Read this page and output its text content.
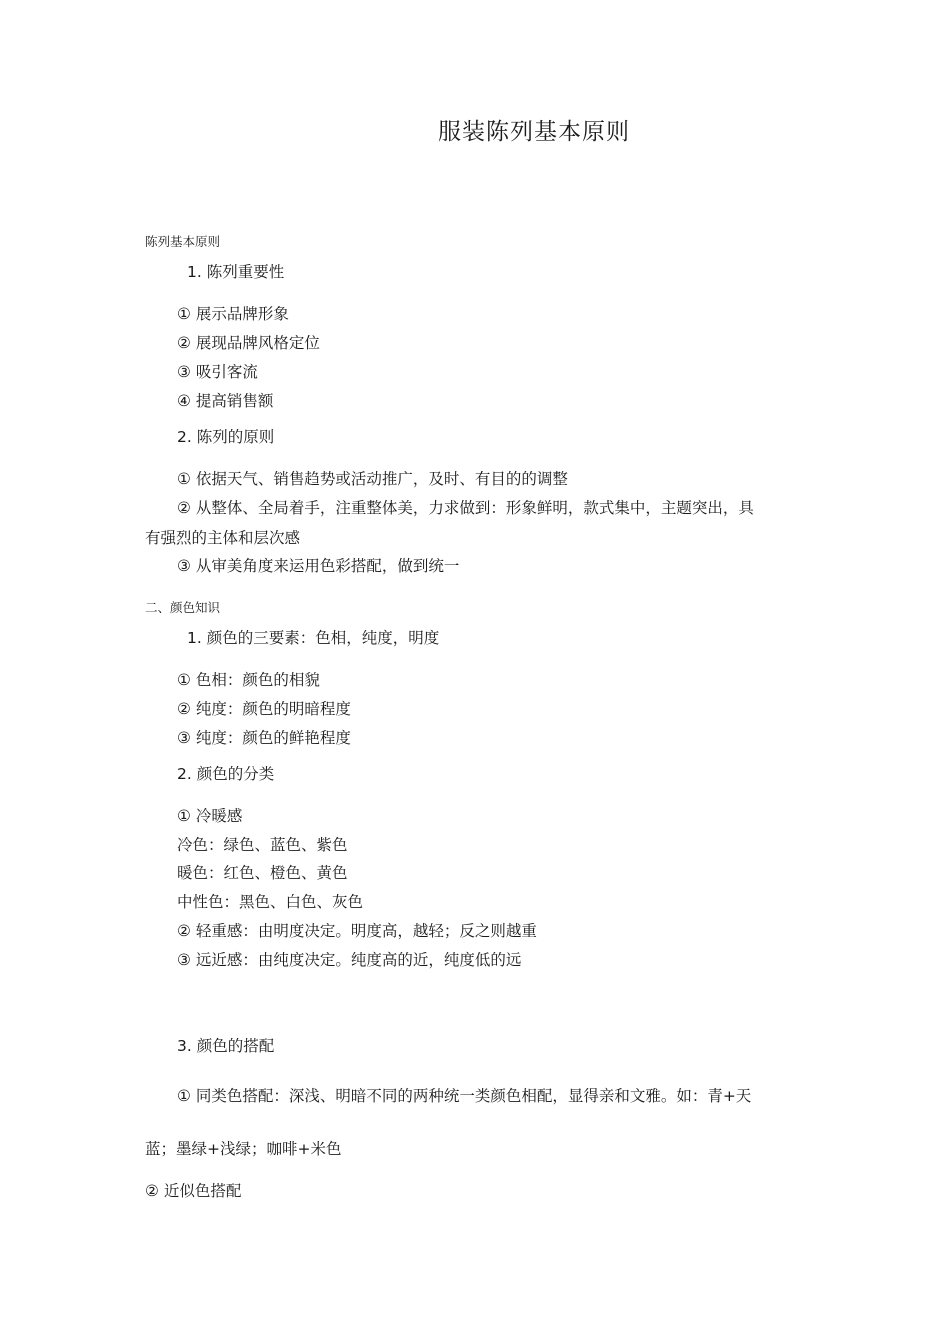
服装陈列基本原则
陈列基本原则
1. 陈列重要性
① 展示品牌形象
② 展现品牌风格定位
③ 吸引客流
④ 提高销售额
2. 陈列的原则
① 依据天气、销售趋势或活动推广，及时、有目的的调整
② 从整体、全局着手，注重整体美，力求做到：形象鲜明，款式集中，主题突出，具
有强烈的主体和层次感
③ 从审美角度来运用色彩搭配，做到统一
二、颜色知识
1. 颜色的三要素：色相，纯度，明度
① 色相：颜色的相貌
② 纯度：颜色的明暗程度
③ 纯度：颜色的鲜艳程度
2. 颜色的分类
① 冷暖感
冷色：绿色、蓝色、紫色
暖色：红色、橙色、黄色
中性色：黑色、白色、灰色
② 轻重感：由明度决定。明度高，越轻；反之则越重
③ 远近感：由纯度决定。纯度高的近，纯度低的远
3. 颜色的搭配
① 同类色搭配：深浅、明暗不同的两种统一类颜色相配，显得亲和文雅。如：青+天
蓝；墨绿+浅绿；咖啡+米色
② 近似色搭配
